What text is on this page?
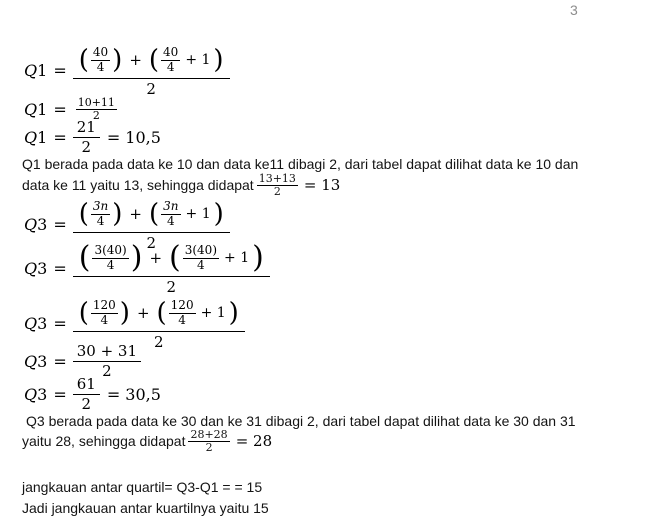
3
Q1 = ( $\frac{40}{4}$ ) + ( $\frac{40}{4} + 1$ )
2
$Q1 = \frac{10+11}{2}$
$Q1 = \frac{21}{2} = 10,5$

Q1 berada pada data ke 10 dan data ke11 dibagi 2, dari tabel dapat dilihat data ke 10 dan

data ke 11 yaitu 13, sehingga didapat $\frac{13+13}{2} = 13$

Q3 = ( $\frac{3n}{4}$ ) + ( $\frac{3n}{4} + 1$ )
2
Q3 = ( $\frac{3(40)}{4}$ ) + ( $\frac{3(40)}{4} + 1$ )
2
Q3 = ( $\frac{120}{4}$ ) + ( $\frac{120}{4} + 1$ )
2
$Q3 = \frac{30 + 31}{2}$
$Q3 = \frac{61}{2} = 30,5$

Q3 berada pada data ke 30 dan ke 31 dibagi 2, dari tabel dapat dilihat data ke 30 dan 31

yaitu 28, sehingga didapat $\frac{28+28}{2} = 28$

jangkauan antar quartil= Q3-Q1 = = 15

Jadi jangkauan antar kuartilnya yaitu 15
